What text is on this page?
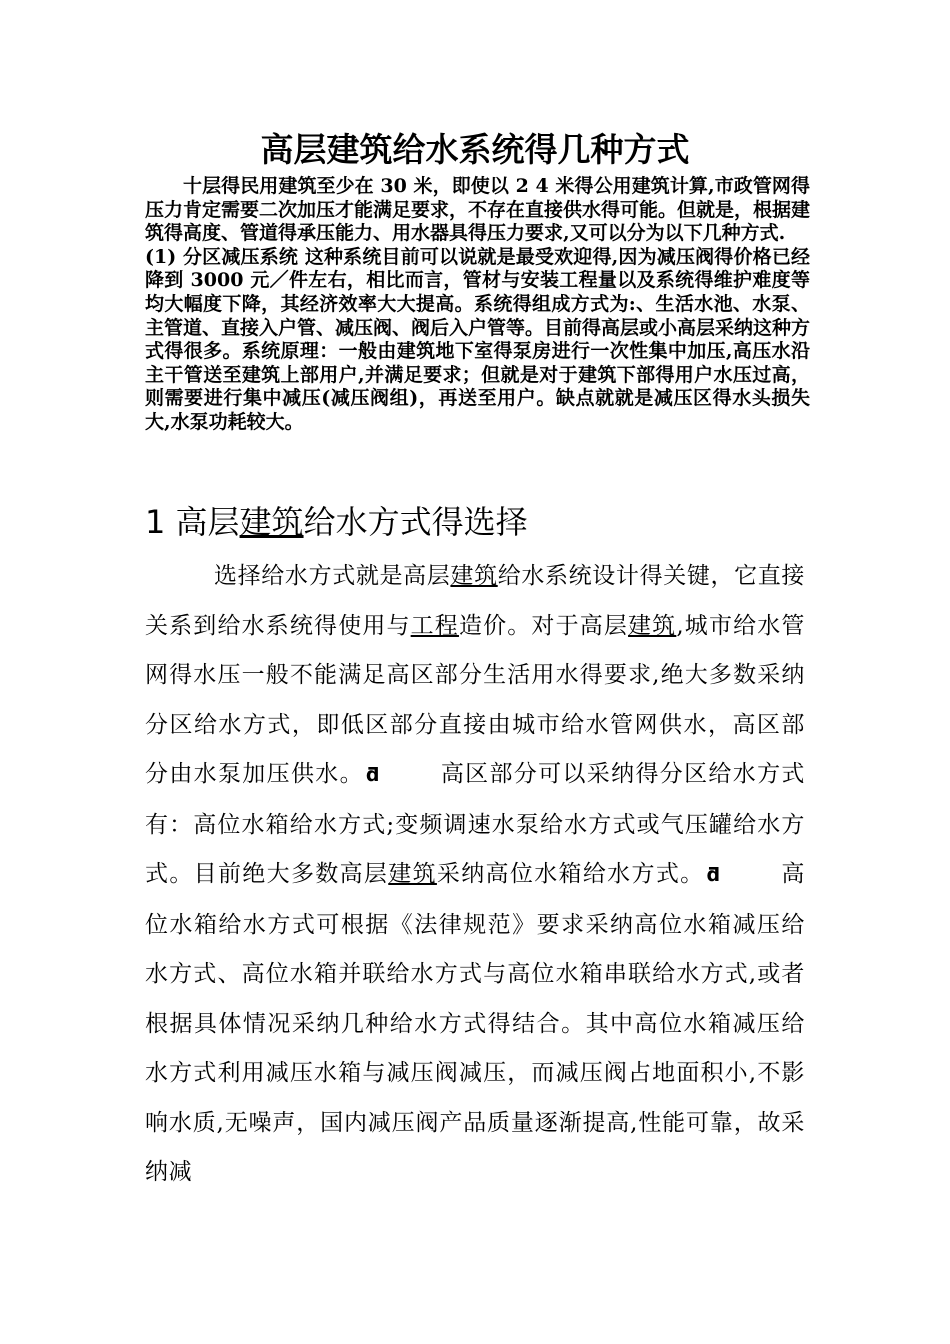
高层建筑给水系统得几种方式

十层得民用建筑至少在 30 米，即使以 2 4 米得公用建筑计算,市政管网得压力肯定需要二次加压才能满足要求，不存在直接供水得可能。但就是，根据建筑得高度、管道得承压能力、用水器具得压力要求,又可以分为以下几种方式.

(1) 分区减压系统 这种系统目前可以说就是最受欢迎得,因为减压阀得价格已经降到 3000 元／件左右，相比而言，管材与安装工程量以及系统得维护难度等均大幅度下降，其经济效率大大提高。系统得组成方式为:、生活水池、水泵、主管道、直接入户管、减压阀、阀后入户管等。目前得高层或小高层采纳这种方式得很多。系统原理：一般由建筑地下室得泵房进行一次性集中加压,高压水沿主干管送至建筑上部用户,并满足要求；但就是对于建筑下部得用户水压过高，则需要进行集中减压(减压阀组)，再送至用户。缺点就就是减压区得水头损失大,水泵功耗较大。

1 高层建筑给水方式得选择

选择给水方式就是高层建筑给水系统设计得关键，它直接关系到给水系统得使用与工程造价。对于高层建筑,城市给水管网得水压一般不能满足高区部分生活用水得要求,绝大多数采纳分区给水方式，即低区部分直接由城市给水管网供水，高区部分由水泵加压供水。 ƌ	高区部分可以采纳得分区给水方式有：高位水箱给水方式;变频调速水泵给水方式或气压罐给水方式。目前绝大多数高层建筑采纳高位水箱给水方式。 ƌ	高位水箱给水方式可根据《法律规范》要求采纳高位水箱减压给水方式、高位水箱并联给水方式与高位水箱串联给水方式,或者根据具体情况采纳几种给水方式得结合。其中高位水箱减压给水方式利用减压水箱与减压阀减压，而减压阀占地面积小,不影响水质,无噪声，国内减压阀产品质量逐渐提高,性能可靠，故采纳减
